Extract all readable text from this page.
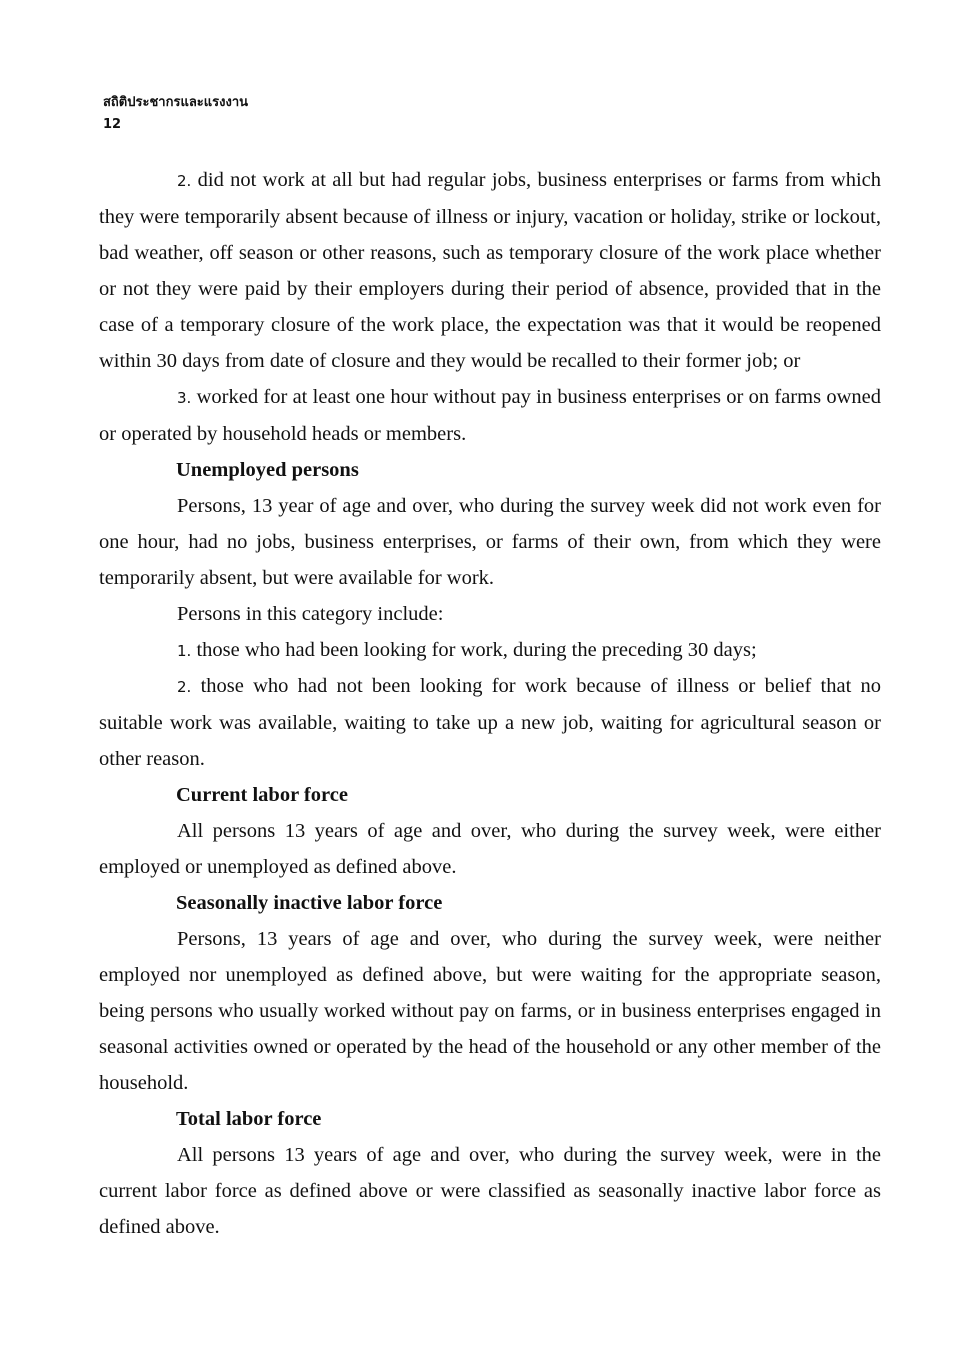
สถิติประชากรและแรงงาน
12

2. did not work at all but had regular jobs, business enterprises or farms from which they were temporarily absent because of illness or injury, vacation or holiday, strike or lockout, bad weather, off season or other reasons, such as temporary closure of the work place whether or not they were paid by their employers during their period of absence, provided that in the case of a temporary closure of the work place, the expectation was that it would be reopened within 30 days from date of closure and they would be recalled to their former job; or

3. worked for at least one hour without pay in business enterprises or on farms owned or operated by household heads or members.

Unemployed persons

Persons, 13 year of age and over, who during the survey week did not work even for one hour, had no jobs, business enterprises, or farms of their own, from which they were temporarily absent, but were available for work.

Persons in this category include:

1. those who had been looking for work, during the preceding 30 days;

2. those who had not been looking for work because of illness or belief that no suitable work was available, waiting to take up a new job, waiting for agricultural season or other reason.

Current labor force

All persons 13 years of age and over, who during the survey week, were either employed or unemployed as defined above.

Seasonally inactive labor force

Persons, 13 years of age and over, who during the survey week, were neither employed nor unemployed as defined above, but were waiting for the appropriate season, being persons who usually worked without pay on farms, or in business enterprises engaged in seasonal activities owned or operated by the head of the household or any other member of the household.

Total labor force

All persons 13 years of age and over, who during the survey week, were in the current labor force as defined above or were classified as seasonally inactive labor force as defined above.
